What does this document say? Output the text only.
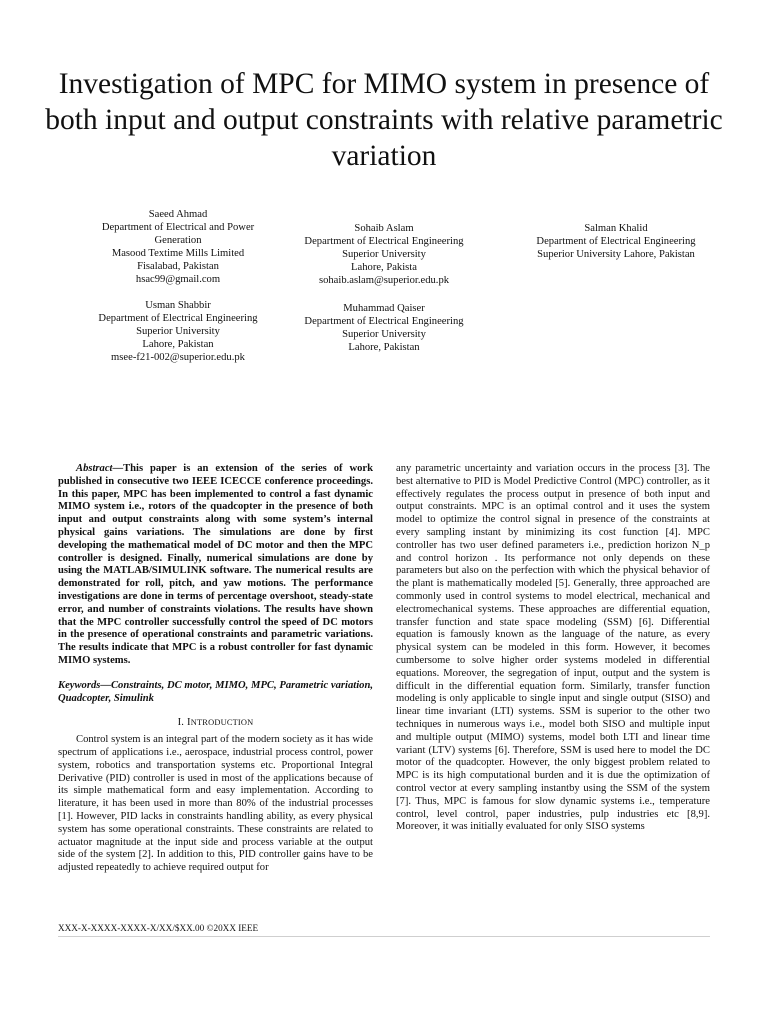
Investigation of MPC for MIMO system in presence of both input and output constraints with relative parametric variation
Saeed Ahmad
Department of Electrical and Power
Generation
Masood Textime Mills Limited
Fisalabad, Pakistan
hsac99@gmail.com
Sohaib Aslam
Department of Electrical Engineering
Superior University
Lahore, Pakista
sohaib.aslam@superior.edu.pk
Salman Khalid
Department of Electrical Engineering
Superior University Lahore, Pakistan
Usman Shabbir
Department of Electrical Engineering
Superior University
Lahore, Pakistan
msee-f21-002@superior.edu.pk
Muhammad Qaiser
Department of Electrical Engineering
Superior University
Lahore, Pakistan

Abstract—This paper is an extension of the series of work published in consecutive two IEEE ICECCE conference proceedings. In this paper, MPC has been implemented to control a fast dynamic MIMO system i.e., rotors of the quadcopter in the presence of both input and output constraints along with some system’s internal physical gains variations. The simulations are done by first developing the mathematical model of DC motor and then the MPC controller is designed. Finally, numerical simulations are done by using the MATLAB/SIMULINK software. The numerical results are demonstrated for roll, pitch, and yaw motions. The performance investigations are done in terms of percentage overshoot, steady-state error, and number of constraints violations. The results have shown that the MPC controller successfully control the speed of DC motors in the presence of operational constraints and parametric variations. The results indicate that MPC is a robust controller for fast dynamic MIMO systems.

Keywords—Constraints, DC motor, MIMO, MPC, Parametric variation, Quadcopter, Simulink

I. INTRODUCTION

Control system is an integral part of the modern society as it has wide spectrum of applications i.e., aerospace, industrial process control, power system, robotics and transportation systems etc. Proportional Integral Derivative (PID) controller is used in most of the applications because of its simple mathematical form and easy implementation. According to literature, it has been used in more than 80% of the industrial processes [1]. However, PID lacks in constraints handling ability, as every physical system has some operational constraints. These constraints are related to actuator magnitude at the input side and process variable at the output side of the system [2]. In addition to this, PID controller gains have to be adjusted repeatedly to achieve required output for

any parametric uncertainty and variation occurs in the process [3]. The best alternative to PID is Model Predictive Control (MPC) controller, as it effectively regulates the process output in presence of both input and output constraints. MPC is an optimal control and it uses the system model to optimize the control signal in presence of the constraints at every sampling instant by minimizing its cost function [4]. MPC controller has two user defined parameters i.e., prediction horizon N_p and control horizon . Its performance not only depends on these parameters but also on the perfection with which the physical behavior of the plant is mathematically modeled [5]. Generally, three approached are commonly used in control systems to model electrical, mechanical and electromechanical systems. These approaches are differential equation, transfer function and state space modeling (SSM) [6]. Differential equation is famously known as the language of the nature, as every physical system can be modeled in this form. However, it becomes cumbersome to solve higher order systems modeled in differential equations. Moreover, the segregation of input, output and the system is difficult in the differential equation form. Similarly, transfer function modeling is only applicable to single input and single output (SISO) and linear time invariant (LTI) systems. SSM is superior to the other two techniques in numerous ways i.e., model both SISO and multiple input and multiple output (MIMO) systems, model both LTI and linear time variant (LTV) systems [6]. Therefore, SSM is used here to model the DC motor of the quadcopter. However, the only biggest problem related to MPC is its high computational burden and it is due the optimization of control vector at every sampling instantby using the SSM of the system [7]. Thus, MPC is famous for slow dynamic systems i.e., temperature control, level control, paper industries, pulp industries etc [8,9]. Moreover, it was initially evaluated for only SISO systems

XXX-X-XXXX-XXXX-X/XX/$XX.00 ©20XX IEEE
